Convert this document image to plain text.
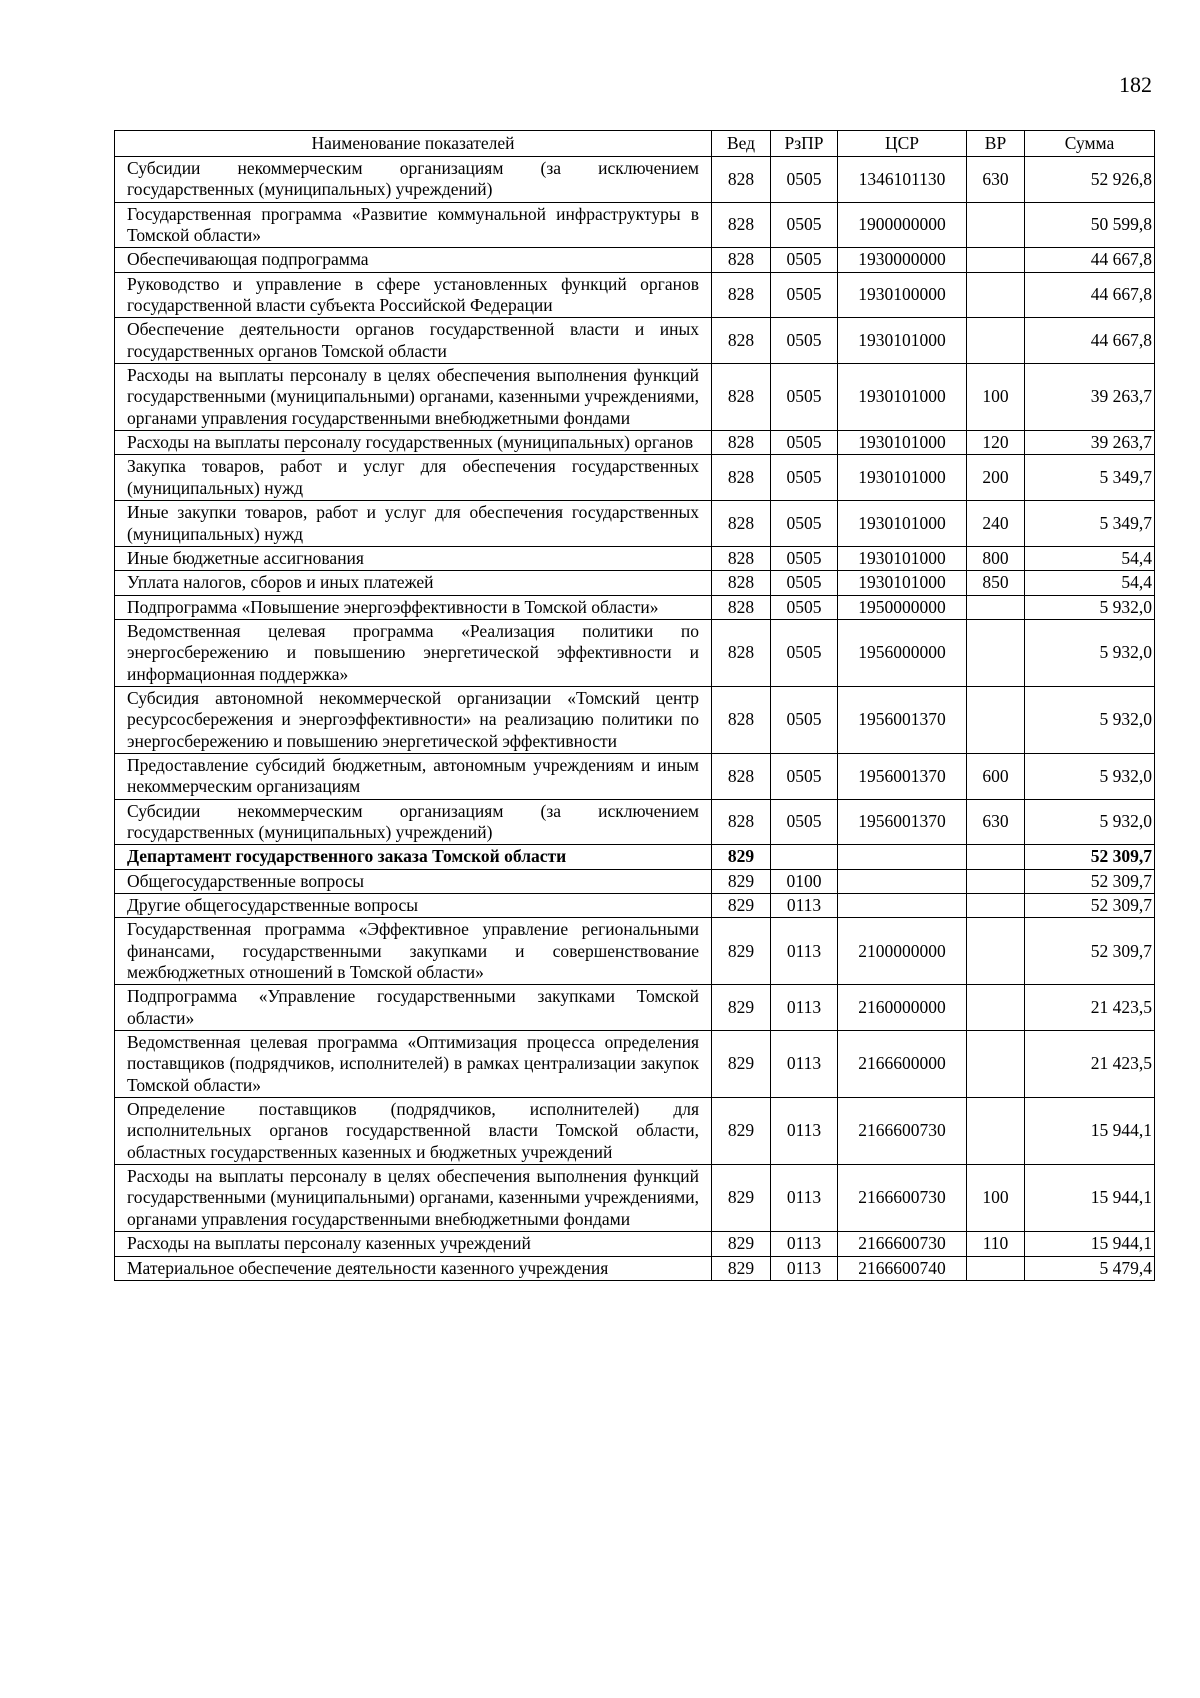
182
Наименование показателей	Вед	РзПР	ЦСР	ВР	Сумма
Субсидии некоммерческим организациям (за исключением государственных (муниципальных) учреждений)	828	0505	1346101130	630	52 926,8
Государственная программа «Развитие коммунальной инфраструктуры в Томской области»	828	0505	1900000000		50 599,8
Обеспечивающая подпрограмма	828	0505	1930000000		44 667,8
Руководство и управление в сфере установленных функций органов государственной власти субъекта Российской Федерации	828	0505	1930100000		44 667,8
Обеспечение деятельности органов государственной власти и иных государственных органов Томской области	828	0505	1930101000		44 667,8
Расходы на выплаты персоналу в целях обеспечения выполнения функций государственными (муниципальными) органами, казенными учреждениями, органами управления государственными внебюджетными фондами	828	0505	1930101000	100	39 263,7
Расходы на выплаты персоналу государственных (муниципальных) органов	828	0505	1930101000	120	39 263,7
Закупка товаров, работ и услуг для обеспечения государственных (муниципальных) нужд	828	0505	1930101000	200	5 349,7
Иные закупки товаров, работ и услуг для обеспечения государственных (муниципальных) нужд	828	0505	1930101000	240	5 349,7
Иные бюджетные ассигнования	828	0505	1930101000	800	54,4
Уплата налогов, сборов и иных платежей	828	0505	1930101000	850	54,4
Подпрограмма «Повышение энергоэффективности в Томской области»	828	0505	1950000000		5 932,0
Ведомственная целевая программа «Реализация политики по энергосбережению и повышению энергетической эффективности и информационная поддержка»	828	0505	1956000000		5 932,0
Субсидия автономной некоммерческой организации «Томский центр ресурсосбережения и энергоэффективности» на реализацию политики по энергосбережению и повышению энергетической эффективности	828	0505	1956001370		5 932,0
Предоставление субсидий бюджетным, автономным учреждениям и иным некоммерческим организациям	828	0505	1956001370	600	5 932,0
Субсидии некоммерческим организациям (за исключением государственных (муниципальных) учреждений)	828	0505	1956001370	630	5 932,0
Департамент государственного заказа Томской области	829				52 309,7
Общегосударственные вопросы	829	0100			52 309,7
Другие общегосударственные вопросы	829	0113			52 309,7
Государственная программа «Эффективное управление региональными финансами, государственными закупками и совершенствование межбюджетных отношений в Томской области»	829	0113	2100000000		52 309,7
Подпрограмма «Управление государственными закупками Томской области»	829	0113	2160000000		21 423,5
Ведомственная целевая программа «Оптимизация процесса определения поставщиков (подрядчиков, исполнителей) в рамках централизации закупок Томской области»	829	0113	2166600000		21 423,5
Определение поставщиков (подрядчиков, исполнителей) для исполнительных органов государственной власти Томской области, областных государственных казенных и бюджетных учреждений	829	0113	2166600730		15 944,1
Расходы на выплаты персоналу в целях обеспечения выполнения функций государственными (муниципальными) органами, казенными учреждениями, органами управления государственными внебюджетными фондами	829	0113	2166600730	100	15 944,1
Расходы на выплаты персоналу казенных учреждений	829	0113	2166600730	110	15 944,1
Материальное обеспечение деятельности казенного учреждения	829	0113	2166600740		5 479,4
